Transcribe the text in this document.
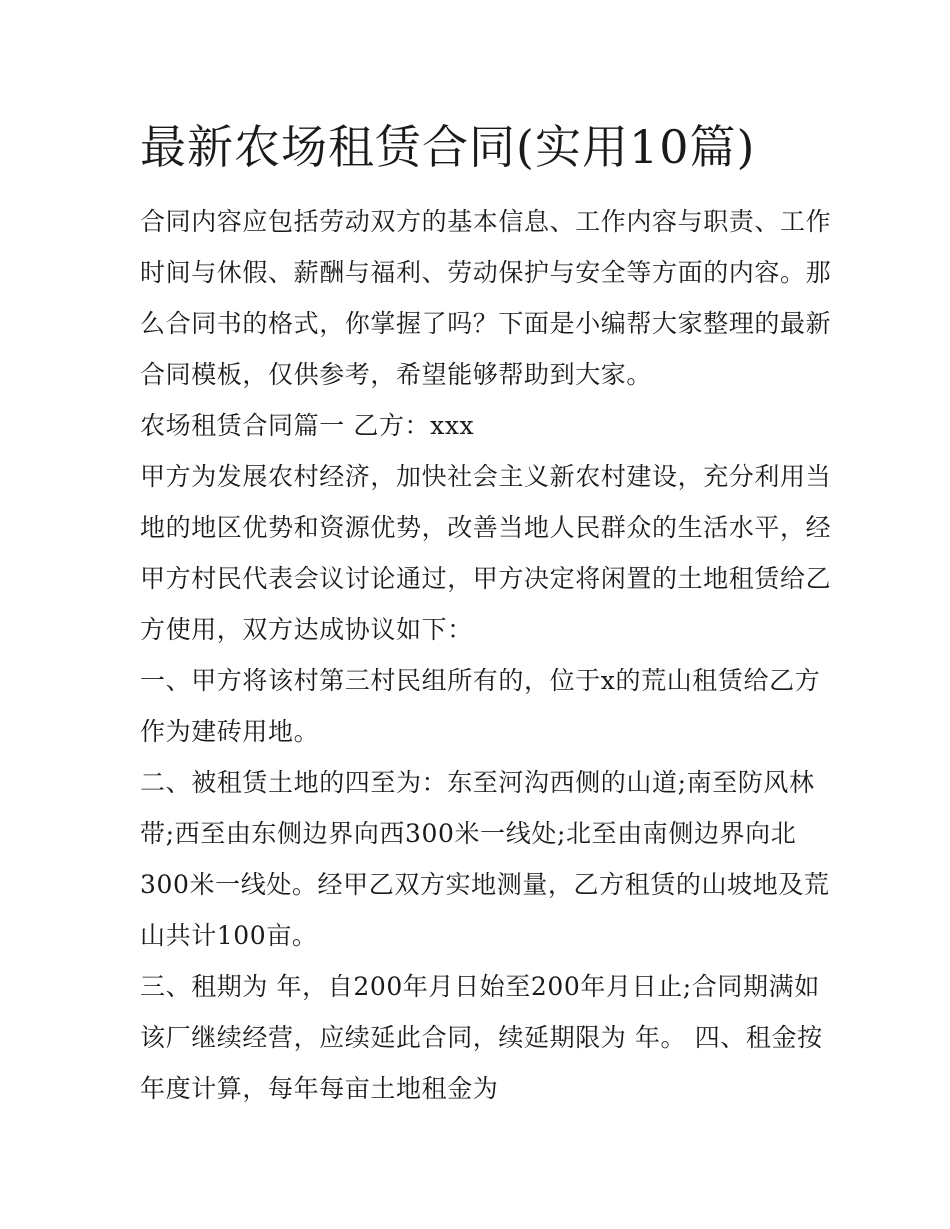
最新农场租赁合同(实用10篇)
合同内容应包括劳动双方的基本信息、工作内容与职责、工作
时间与休假、薪酬与福利、劳动保护与安全等方面的内容。那
么合同书的格式，你掌握了吗？下面是小编帮大家整理的最新
合同模板，仅供参考，希望能够帮助到大家。
农场租赁合同篇一 乙方：xxx
甲方为发展农村经济，加快社会主义新农村建设，充分利用当
地的地区优势和资源优势，改善当地人民群众的生活水平，经
甲方村民代表会议讨论通过，甲方决定将闲置的土地租赁给乙
方使用，双方达成协议如下：
一、甲方将该村第三村民组所有的，位于x的荒山租赁给乙方
作为建砖用地。
二、被租赁土地的四至为：东至河沟西侧的山道;南至防风林
带;西至由东侧边界向西300米一线处;北至由南侧边界向北
300米一线处。经甲乙双方实地测量，乙方租赁的山坡地及荒
山共计100亩。
三、租期为 年，自200年月日始至200年月日止;合同期满如
该厂继续经营，应续延此合同，续延期限为 年。 四、租金按
年度计算，每年每亩土地租金为
